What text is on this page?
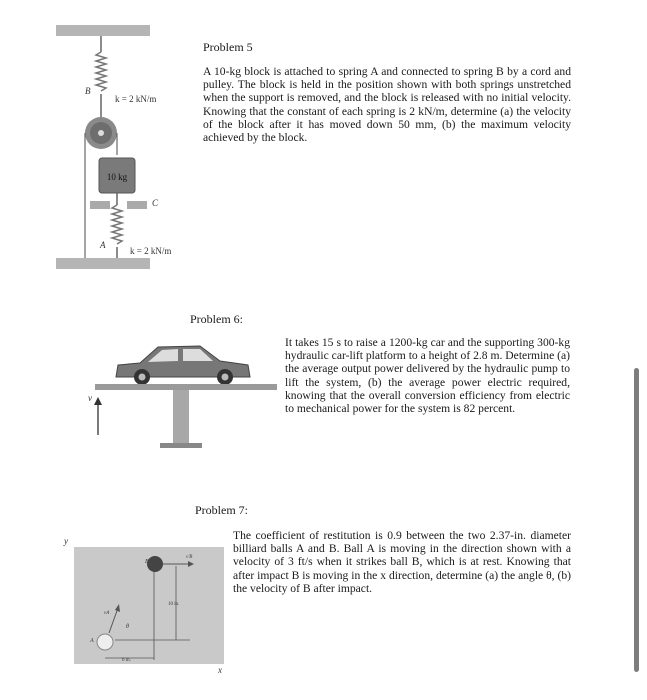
10 kg
B
k = 2 kN/m
C
A
k = 2 kN/m
Problem 5
A 10-kg block is attached to spring A and connected to spring B by a cord and pulley. The block is held in the position shown with both springs unstretched when the support is removed, and the block is released with no initial velocity. Knowing that the constant of each spring is 2 kN/m, determine (a) the velocity of the block after it has moved down 50 mm, (b) the maximum velocity achieved by the block.
Problem 6:
v
It takes 15 s to raise a 1200-kg car and the supporting 300-kg hydraulic car-lift platform to a height of 2.8 m. Determine (a) the average output power delivered by the hydraulic pump to lift the system, (b) the average power electric required, knowing that the overall conversion efficiency from electric to mechanical power for the system is 82 percent.
Problem 7:
y
x
B
A
vA
v'B
θ
10 in.
6 in.
The coefficient of restitution is 0.9 between the two 2.37-in. diameter billiard balls A and B. Ball A is moving in the direction shown with a velocity of 3 ft/s when it strikes ball B, which is at rest. Knowing that after impact B is moving in the x direction, determine (a) the angle θ, (b) the velocity of B after impact.
